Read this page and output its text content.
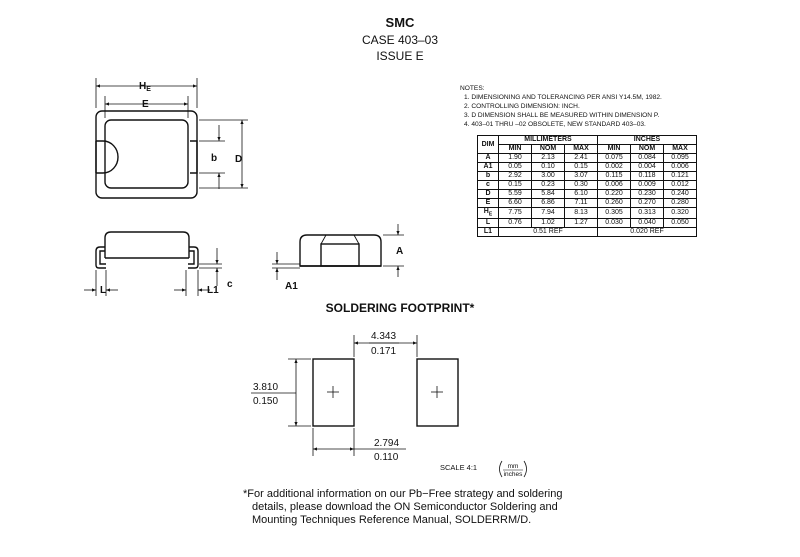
SMC
CASE 403–03
ISSUE E
NOTES:
1. DIMENSIONING AND TOLERANCING PER ANSI Y14.5M, 1982.
2. CONTROLLING DIMENSION: INCH.
3. D DIMENSION SHALL BE MEASURED WITHIN DIMENSION P.
4. 403–01 THRU –02 OBSOLETE, NEW STANDARD 403–03.
DIM	MILLIMETERS			INCHES		
	MIN	NOM	MAX	MIN	NOM	MAX
A	1.90	2.13	2.41	0.075	0.084	0.095
A1	0.05	0.10	0.15	0.002	0.004	0.006
b	2.92	3.00	3.07	0.115	0.118	0.121
c	0.15	0.23	0.30	0.006	0.009	0.012
D	5.59	5.84	6.10	0.220	0.230	0.240
E	6.60	6.86	7.11	0.260	0.270	0.280
$H_E$	7.75	7.94	8.13	0.305	0.313	0.320
L	0.76	1.02	1.27	0.030	0.040	0.050
L1	0.51 REF			0.020 REF		
$H_E$
E
b D
L	L1
c
A
A1
4.343
0.171
3.810
0.150
2.794
0.110
SCALE 4:1	mm
inches
SOLDERING FOOTPRINT*
*For additional information on our Pb−Free strategy and soldering
details, please download the ON Semiconductor Soldering and
Mounting Techniques Reference Manual, SOLDERRM/D.
